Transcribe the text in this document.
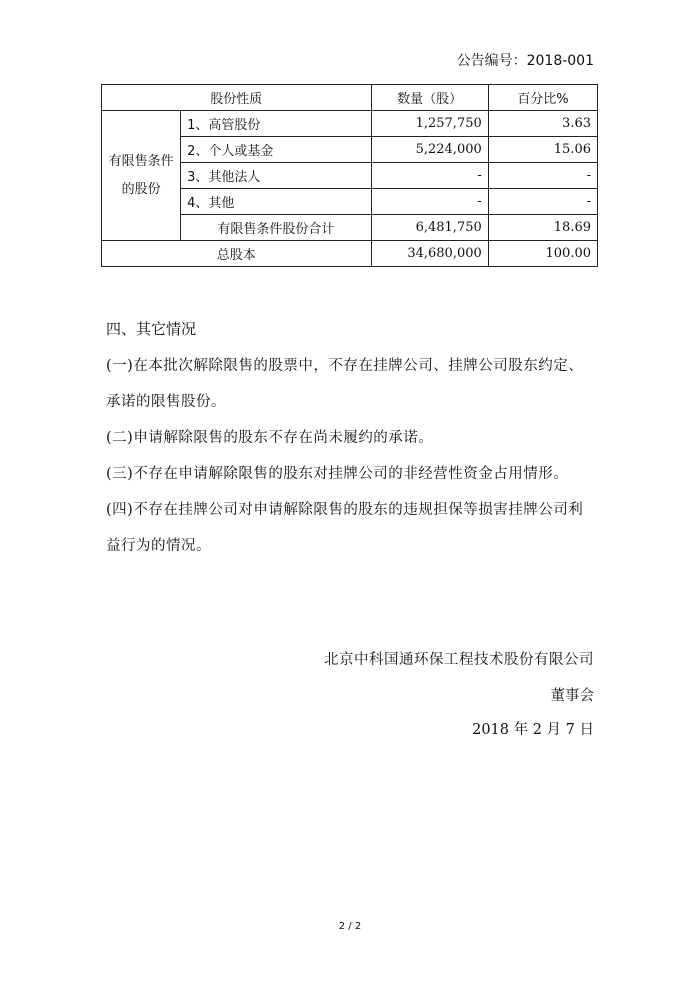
公告编号：2018-001
股份性质		数量（股）	百分比%
有限售条件的股份	1、高管股份	1,257,750	3.63
	2、个人或基金	5,224,000	15.06
	3、其他法人	-	-
	4、其他	-	-
	有限售条件股份合计	6,481,750	18.69
总股本		34,680,000	100.00
四、其它情况

(一)在本批次解除限售的股票中，不存在挂牌公司、挂牌公司股东约定、承诺的限售股份。

(二)申请解除限售的股东不存在尚未履约的承诺。

(三)不存在申请解除限售的股东对挂牌公司的非经营性资金占用情形。

(四)不存在挂牌公司对申请解除限售的股东的违规担保等损害挂牌公司利益行为的情况。

北京中科国通环保工程技术股份有限公司
董事会
2018 年 2 月 7 日
2 / 2
